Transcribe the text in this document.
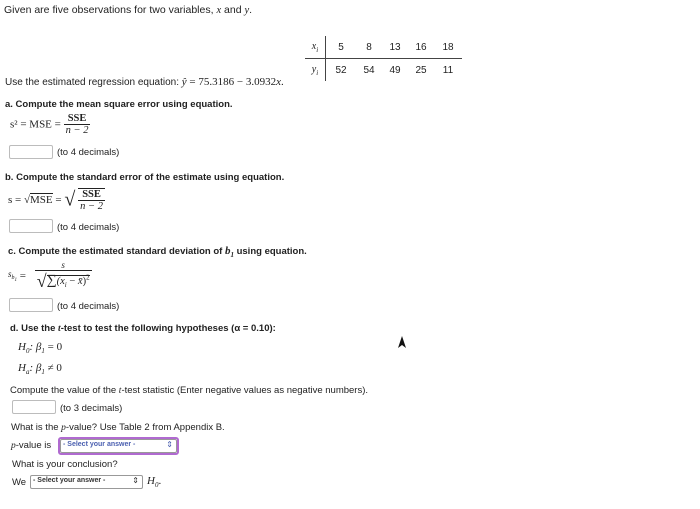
Given are five observations for two variables, x and y.
$x_i$	5	8	13	16	18
$y_i$	52	54	49	25	11
Use the estimated regression equation: ŷ = 75.3186 − 3.0932x.
a. Compute the mean square error using equation.
s² = MSE = $\frac{\text{SSE}}{n - 2}$
(to 4 decimals)
b. Compute the standard error of the estimate using equation.
s = √MSE = √ $\frac{\text{SSE}}{n - 2}$
(to 4 decimals)
c. Compute the estimated standard deviation of $b_1$ using equation.
$s_{b_1} = \frac{s}{√\sum(x_i - x̄)^2}$
(to 4 decimals)
d. Use the t-test to test the following hypotheses (α = 0.10):
$H_0$: $\beta_1 = 0$
$H_a$: $\beta_1 \ne 0$
Compute the value of the t-test statistic (Enter negative values as negative numbers).
(to 3 decimals)
What is the p-value? Use Table 2 from Appendix B.
p-value is	- Select your answer -	⇕
What is your conclusion?
We - Select your answer -	⇕ $H_0$.
